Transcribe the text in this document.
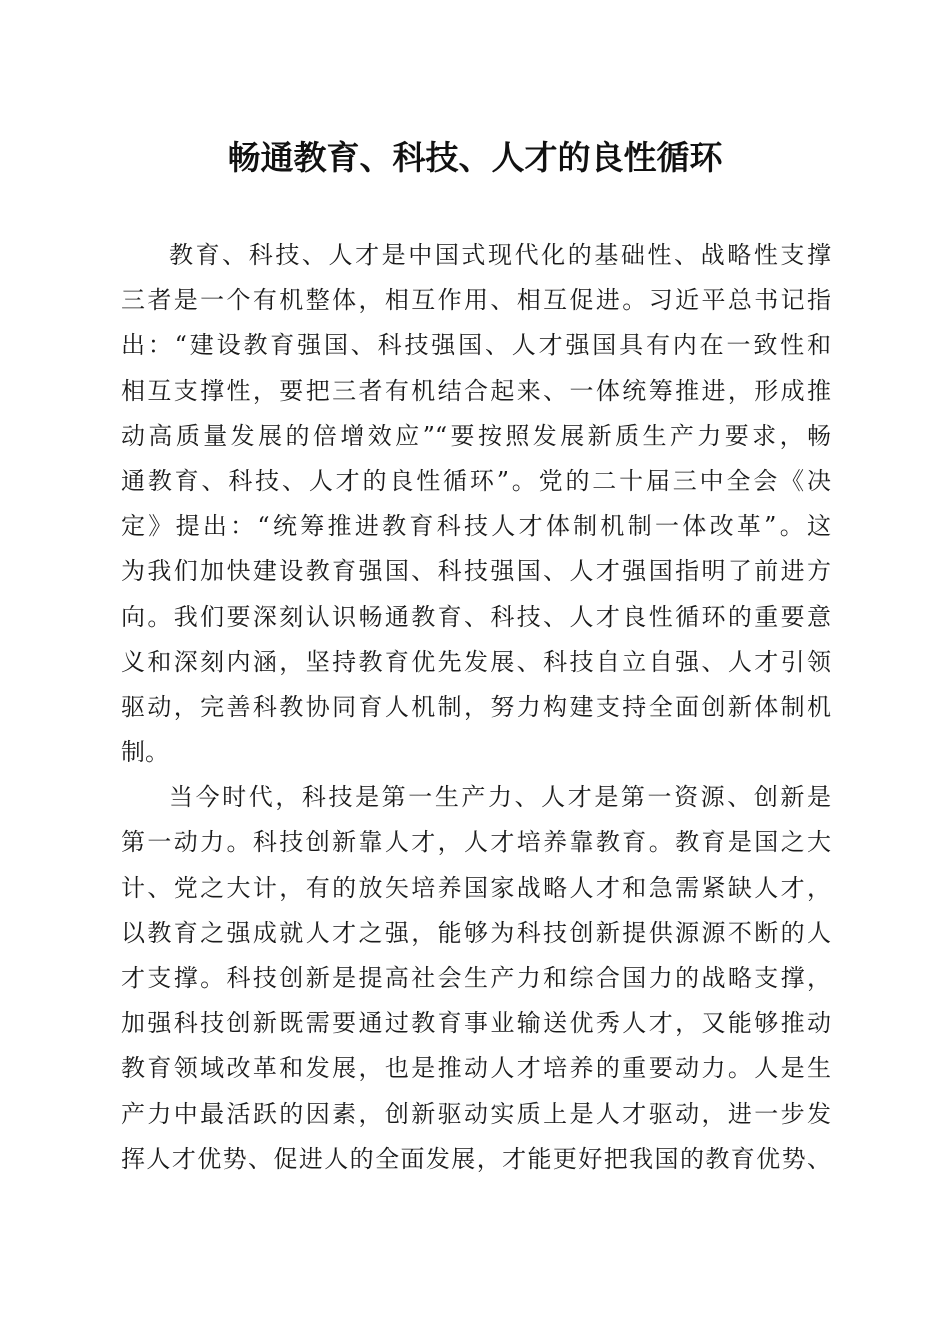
畅通教育、科技、人才的良性循环
教育、科技、人才是中国式现代化的基础性、战略性支撑
三者是一个有机整体，相互作用、相互促进。习近平总书记指
出：“建设教育强国、科技强国、人才强国具有内在一致性和
相互支撑性，要把三者有机结合起来、一体统筹推进，形成推
动高质量发展的倍增效应”“要按照发展新质生产力要求，畅
通教育、科技、人才的良性循环”。党的二十届三中全会《决
定》提出：“统筹推进教育科技人才体制机制一体改革”。这
为我们加快建设教育强国、科技强国、人才强国指明了前进方
向。我们要深刻认识畅通教育、科技、人才良性循环的重要意
义和深刻内涵，坚持教育优先发展、科技自立自强、人才引领
驱动，完善科教协同育人机制，努力构建支持全面创新体制机
制。
当今时代，科技是第一生产力、人才是第一资源、创新是
第一动力。科技创新靠人才，人才培养靠教育。教育是国之大
计、党之大计，有的放矢培养国家战略人才和急需紧缺人才，
以教育之强成就人才之强，能够为科技创新提供源源不断的人
才支撑。科技创新是提高社会生产力和综合国力的战略支撑，
加强科技创新既需要通过教育事业输送优秀人才，又能够推动
教育领域改革和发展，也是推动人才培养的重要动力。人是生
产力中最活跃的因素，创新驱动实质上是人才驱动，进一步发
挥人才优势、促进人的全面发展，才能更好把我国的教育优势、
